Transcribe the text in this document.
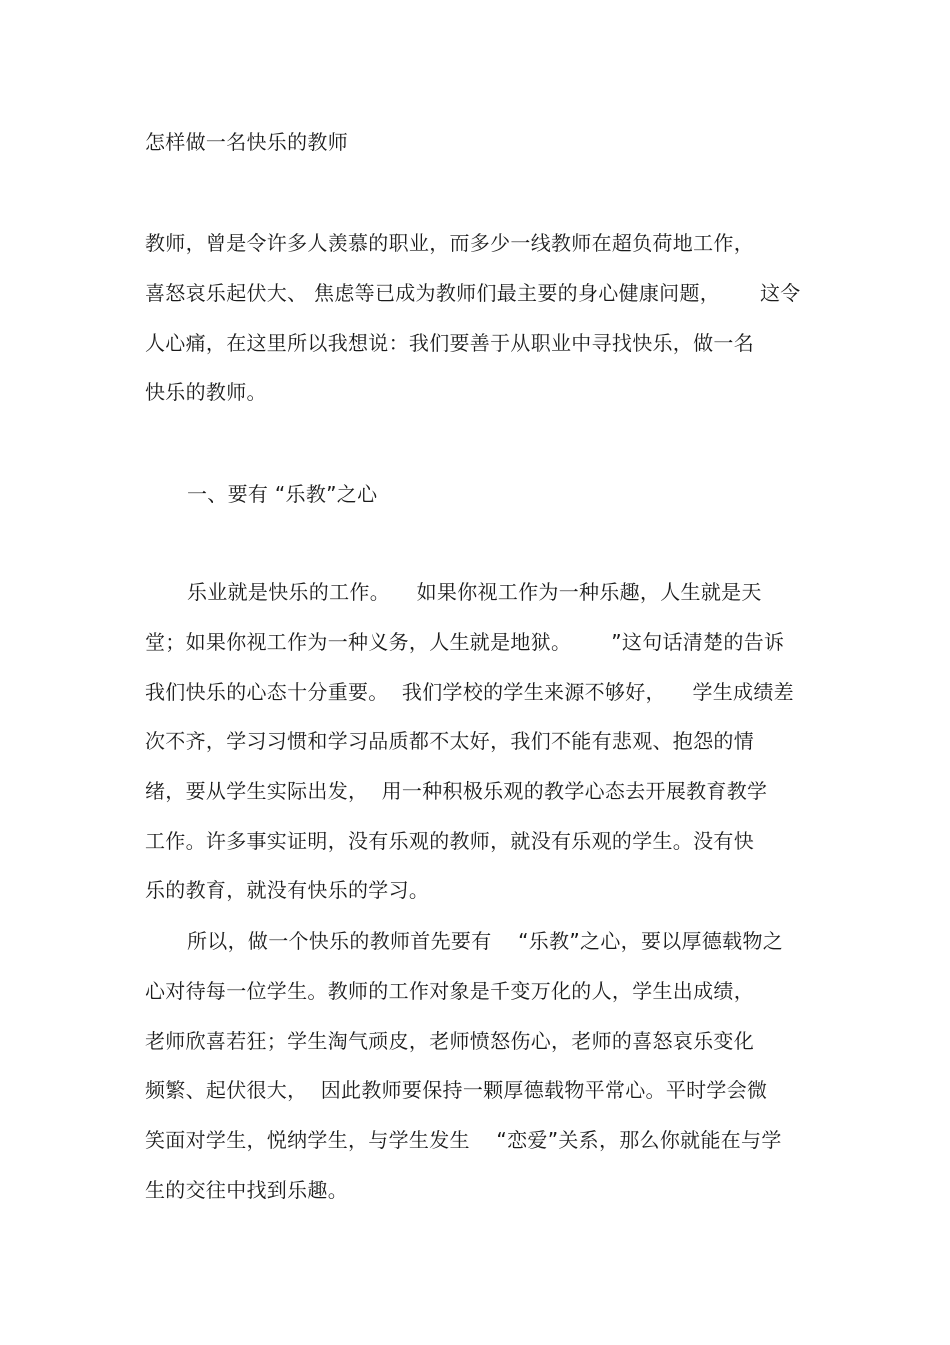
怎样做一名快乐的教师
教师，曾是令许多人羡慕的职业，而多少一线教师在超负荷地工作，
喜怒哀乐起伏大、 焦虑等已成为教师们最主要的身心健康问题，      这令
人心痛，在这里所以我想说：我们要善于从职业中寻找快乐，做一名
快乐的教师。
一、要有 “乐教”之心
乐业就是快乐的工作。    如果你视工作为一种乐趣，人生就是天
堂；如果你视工作为一种义务，人生就是地狱。      ”这句话清楚的告诉
我们快乐的心态十分重要。  我们学校的学生来源不够好，    学生成绩差
次不齐，学习习惯和学习品质都不太好，我们不能有悲观、抱怨的情
绪，要从学生实际出发，  用一种积极乐观的教学心态去开展教育教学
工作。许多事实证明，没有乐观的教师，就没有乐观的学生。没有快
乐的教育，就没有快乐的学习。
所以，做一个快乐的教师首先要有    “乐教”之心，要以厚德载物之
心对待每一位学生。教师的工作对象是千变万化的人，学生出成绩，
老师欣喜若狂；学生淘气顽皮，老师愤怒伤心，老师的喜怒哀乐变化
频繁、起伏很大，  因此教师要保持一颗厚德载物平常心。平时学会微
笑面对学生，悦纳学生，与学生发生    “恋爱”关系，那么你就能在与学
生的交往中找到乐趣。
